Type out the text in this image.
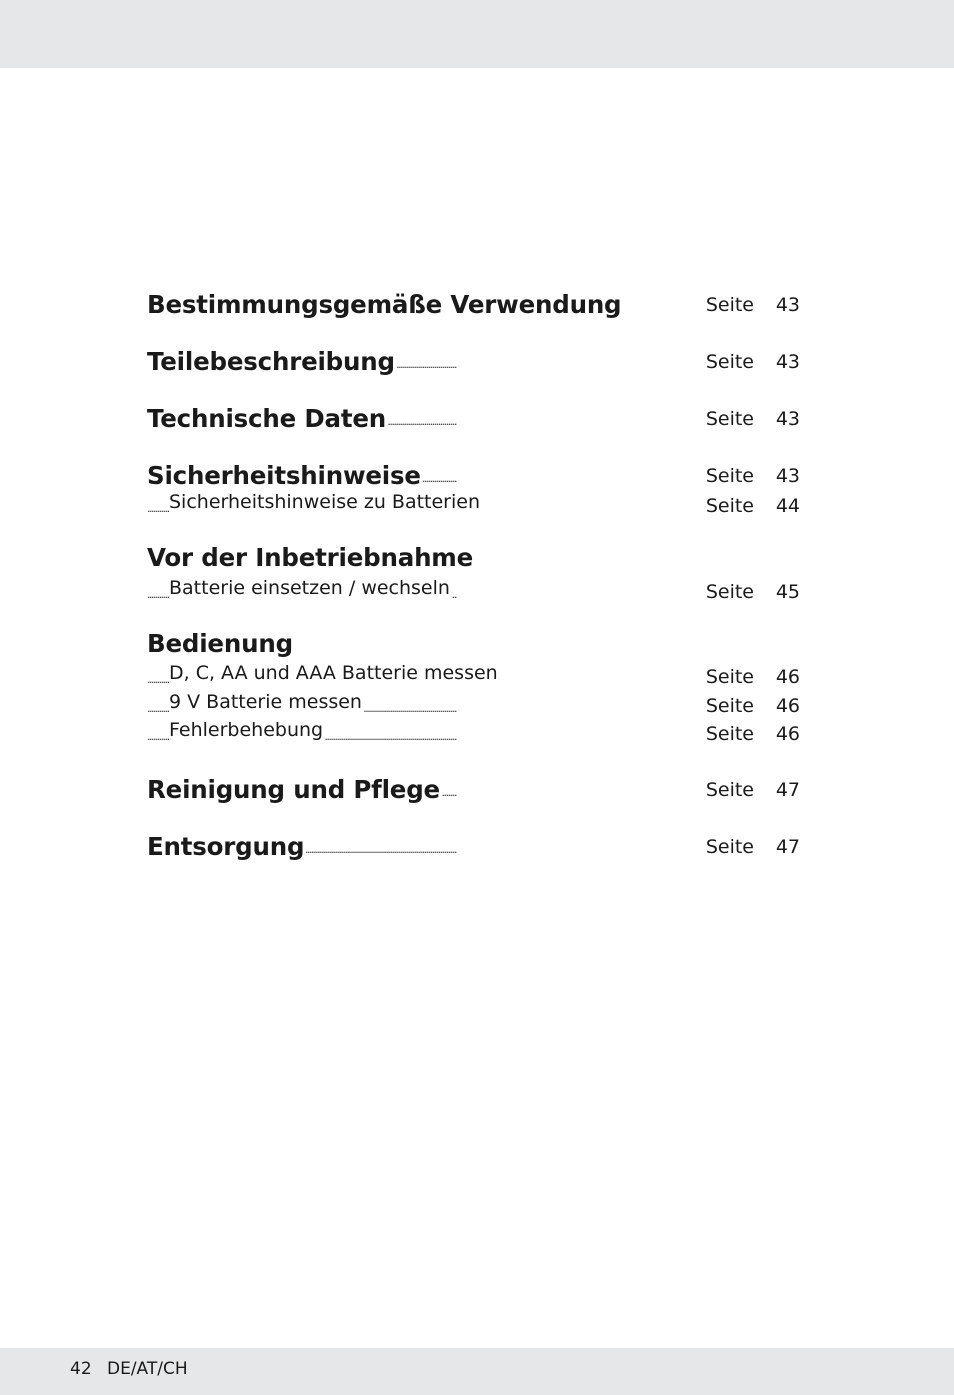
Bestimmungsgemäße Verwendung . . .	Seite 43
Teilebeschreibung . . .	Seite 43
Technische Daten . . .	Seite 43
Sicherheitshinweise . . .	Seite 43
Sicherheitshinweise zu Batterien . . .	Seite 44
Vor der Inbetriebnahme
Batterie einsetzen / wechseln . . .	Seite 45
Bedienung
D, C, AA und AAA Batterie messen . . .	Seite 46
9 V Batterie messen . . .	Seite 46
Fehlerbehebung . . .	Seite 46
Reinigung und Pflege . . .	Seite 47
Entsorgung . . .	Seite 47
42 DE/AT/CH
